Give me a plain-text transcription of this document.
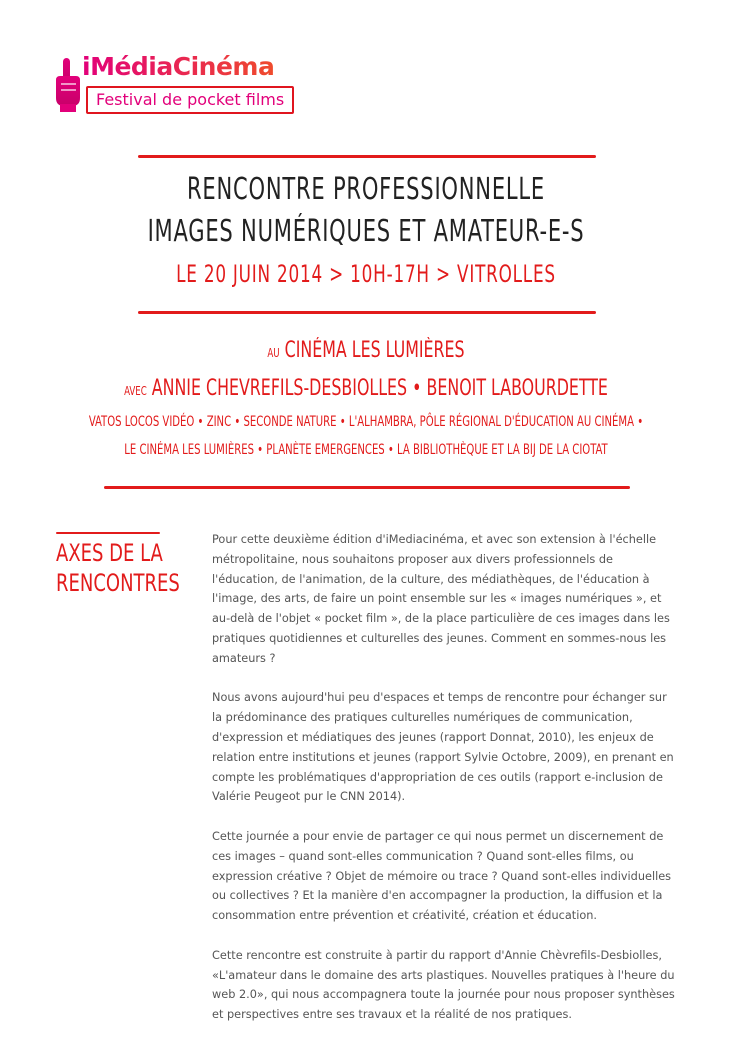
iMédiaCinéma
Festival de pocket films
RENCONTRE PROFESSIONNELLE
IMAGES NUMÉRIQUES ET AMATEUR-E-S
LE 20 JUIN 2014 > 10H-17H > VITROLLES
AU CINÉMA LES LUMIÈRES
AVEC ANNIE CHEVREFILS-DESBIOLLES • BENOIT LABOURDETTE
VATOS LOCOS VIDÉO • ZINC • SECONDE NATURE • L'ALHAMBRA, PÔLE RÉGIONAL D'ÉDUCATION AU CINÉMA •
LE CINÉMA LES LUMIÈRES • PLANÈTE EMERGENCES • LA BIBLIOTHÈQUE ET LA BIJ DE LA CIOTAT
AXES DE LA
RENCONTRES

Pour cette deuxième édition d'iMediacinéma, et avec son extension à l'échelle métropolitaine, nous souhaitons proposer aux divers professionnels de l'éducation, de l'animation, de la culture, des médiathèques, de l'éducation à l'image, des arts, de faire un point ensemble sur les « images numériques », et au-delà de l'objet « pocket film », de la place particulière de ces images dans les pratiques quotidiennes et culturelles des jeunes. Comment en sommes-nous les amateurs ?

Nous avons aujourd'hui peu d'espaces et temps de rencontre pour échanger sur la prédominance des pratiques culturelles numériques de communication, d'expression et médiatiques des jeunes (rapport Donnat, 2010), les enjeux de relation entre institutions et jeunes (rapport Sylvie Octobre, 2009), en prenant en compte les problématiques d'appropriation de ces outils (rapport e-inclusion de Valérie Peugeot pur le CNN 2014).

Cette journée a pour envie de partager ce qui nous permet un discernement de ces images – quand sont-elles communication ? Quand sont-elles films, ou expression créative ? Objet de mémoire ou trace ? Quand sont-elles individuelles ou collectives ? Et la manière d'en accompagner la production, la diffusion et la consommation entre prévention et créativité, création et éducation.

Cette rencontre est construite à partir du rapport d'Annie Chèvrefils-Desbiolles, «L'amateur dans le domaine des arts plastiques. Nouvelles pratiques à l'heure du web 2.0», qui nous accompagnera toute la journée pour nous proposer synthèses et perspectives entre ses travaux et la réalité de nos pratiques.
